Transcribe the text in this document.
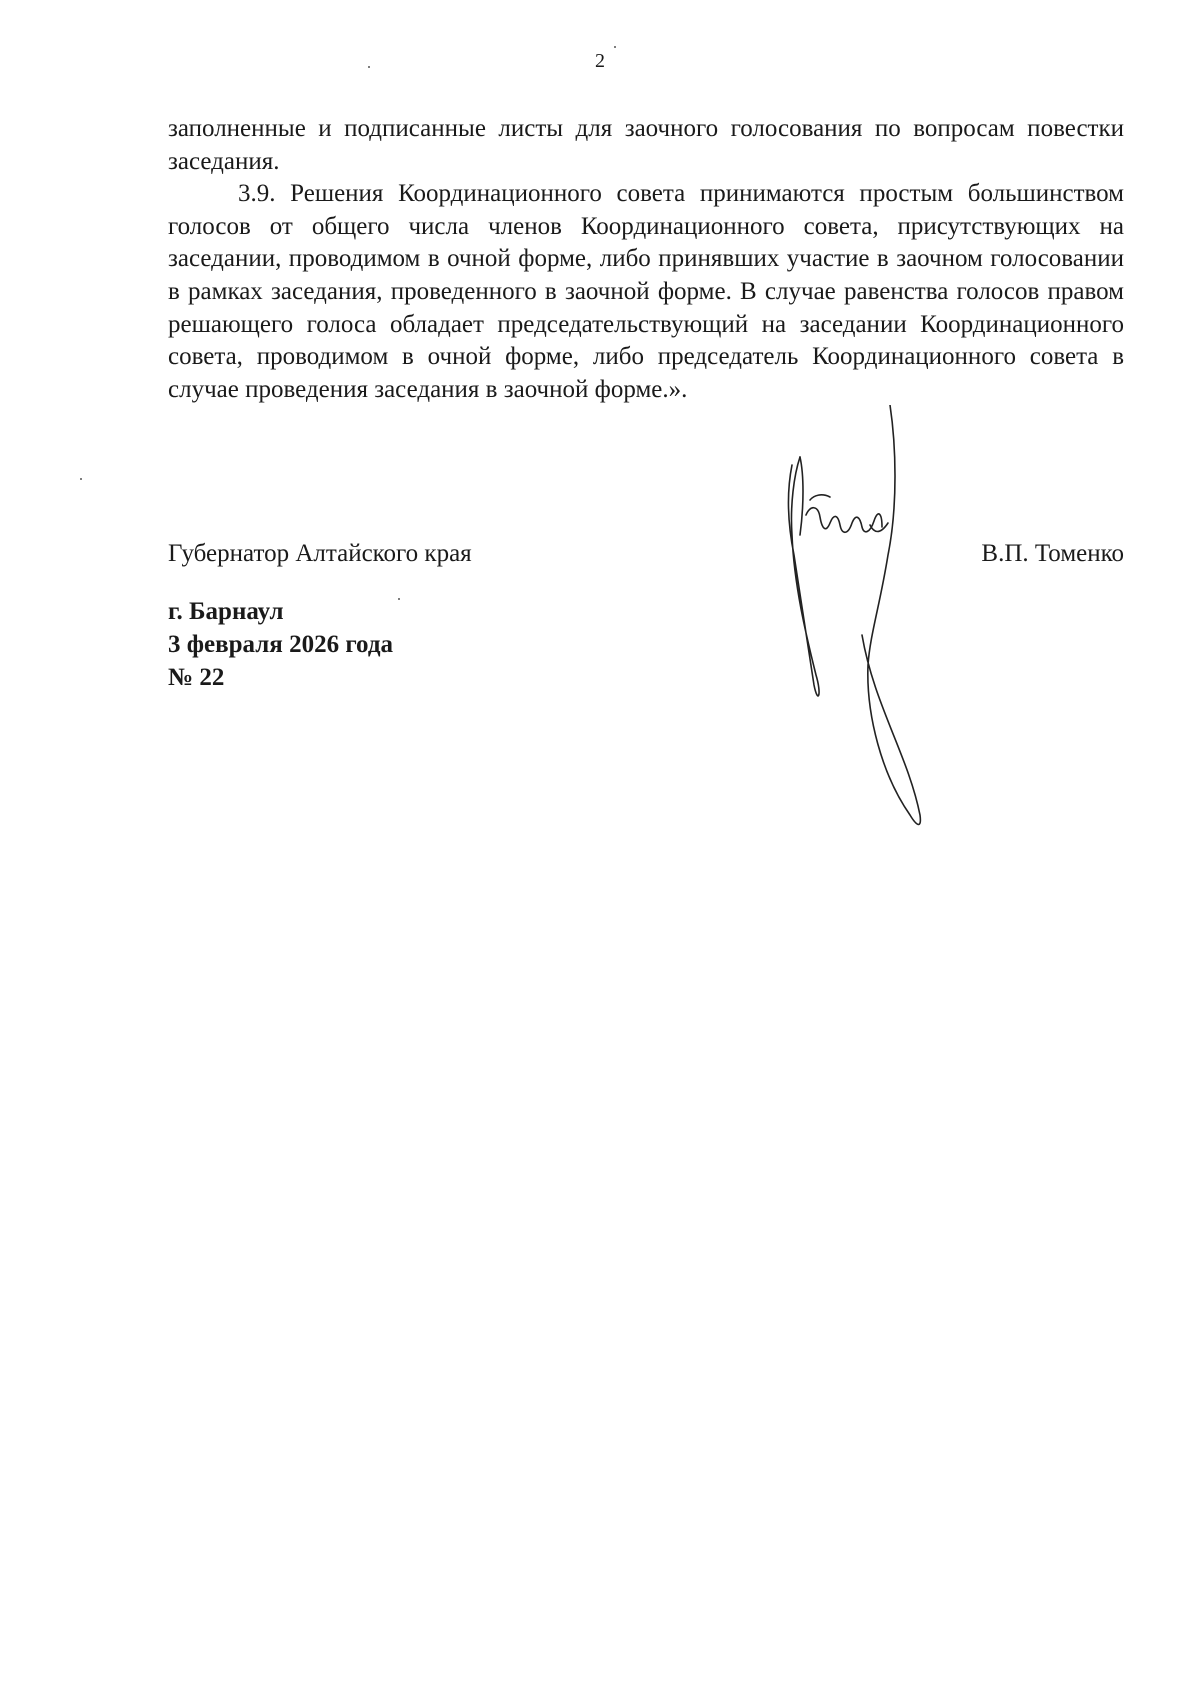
2

заполненные и подписанные листы для заочного голосования по вопросам повестки заседания.

3.9. Решения Координационного совета принимаются простым большинством голосов от общего числа членов Координационного совета, присутствующих на заседании, проводимом в очной форме, либо принявших участие в заочном голосовании в рамках заседания, проведенного в заочной форме. В случае равенства голосов правом решающего голоса обладает председательствующий на заседании Координационного совета, проводимом в очной форме, либо председатель Координационного совета в случае проведения заседания в заочной форме.».

Губернатор Алтайского края	В.П. Томенко
г. Барнаул
3 февраля 2026 года
№ 22
